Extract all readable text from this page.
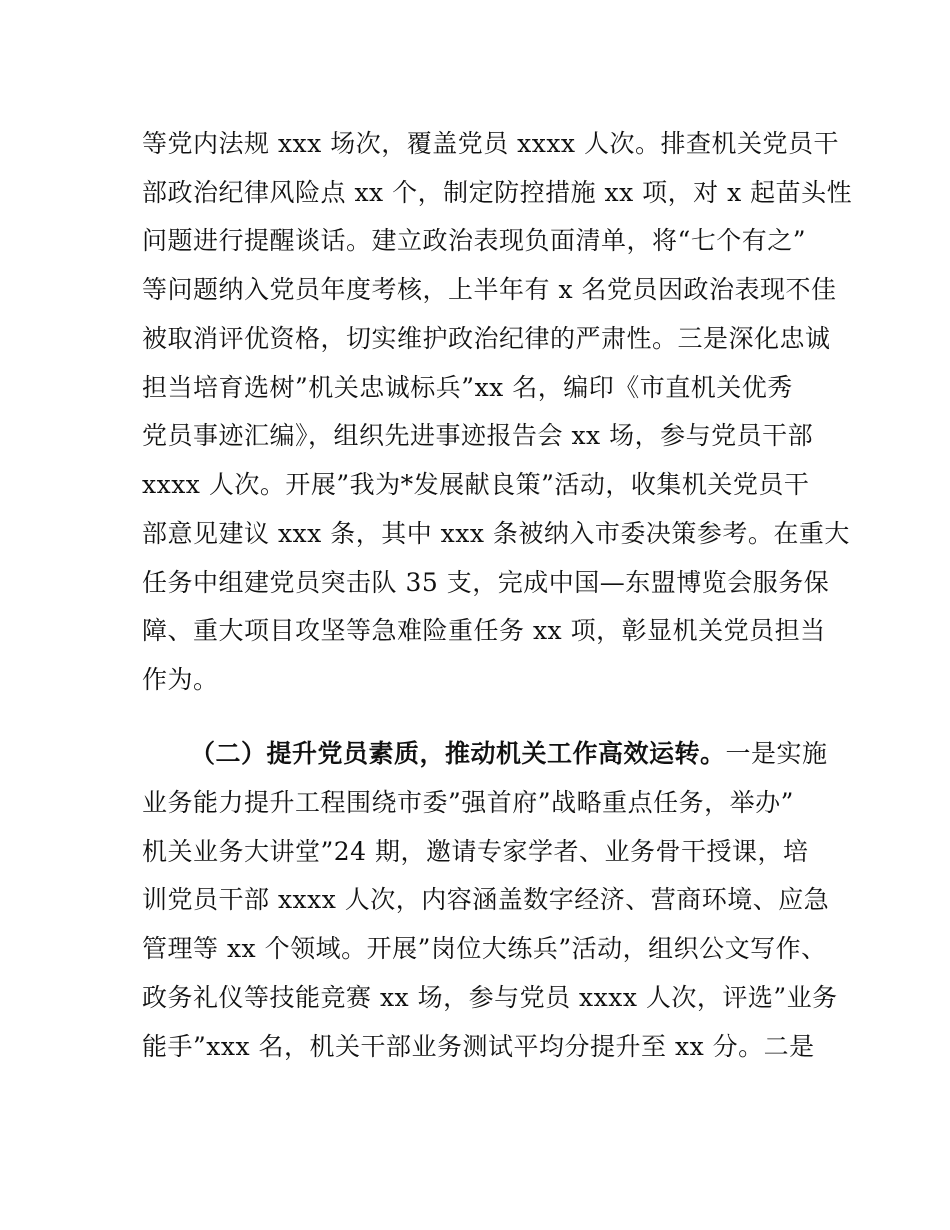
等党内法规 xxx 场次，覆盖党员 xxxx 人次。排查机关党员干
部政治纪律风险点 xx 个，制定防控措施 xx 项，对 x 起苗头性
问题进行提醒谈话。建立政治表现负面清单，将“七个有之”
等问题纳入党员年度考核，上半年有 x 名党员因政治表现不佳
被取消评优资格，切实维护政治纪律的严肃性。三是深化忠诚
担当培育选树”机关忠诚标兵”xx 名，编印《市直机关优秀
党员事迹汇编》，组织先进事迹报告会 xx 场，参与党员干部
xxxx 人次。开展”我为*发展献良策”活动，收集机关党员干
部意见建议 xxx 条，其中 xxx 条被纳入市委决策参考。在重大
任务中组建党员突击队 35 支，完成中国—东盟博览会服务保
障、重大项目攻坚等急难险重任务 xx 项，彰显机关党员担当
作为。
（二）提升党员素质，推动机关工作高效运转。一是实施
业务能力提升工程围绕市委”强首府”战略重点任务，举办”
机关业务大讲堂”24 期，邀请专家学者、业务骨干授课，培
训党员干部 xxxx 人次，内容涵盖数字经济、营商环境、应急
管理等 xx 个领域。开展”岗位大练兵”活动，组织公文写作、
政务礼仪等技能竞赛 xx 场，参与党员 xxxx 人次，评选”业务
能手”xxx 名，机关干部业务测试平均分提升至 xx 分。二是
